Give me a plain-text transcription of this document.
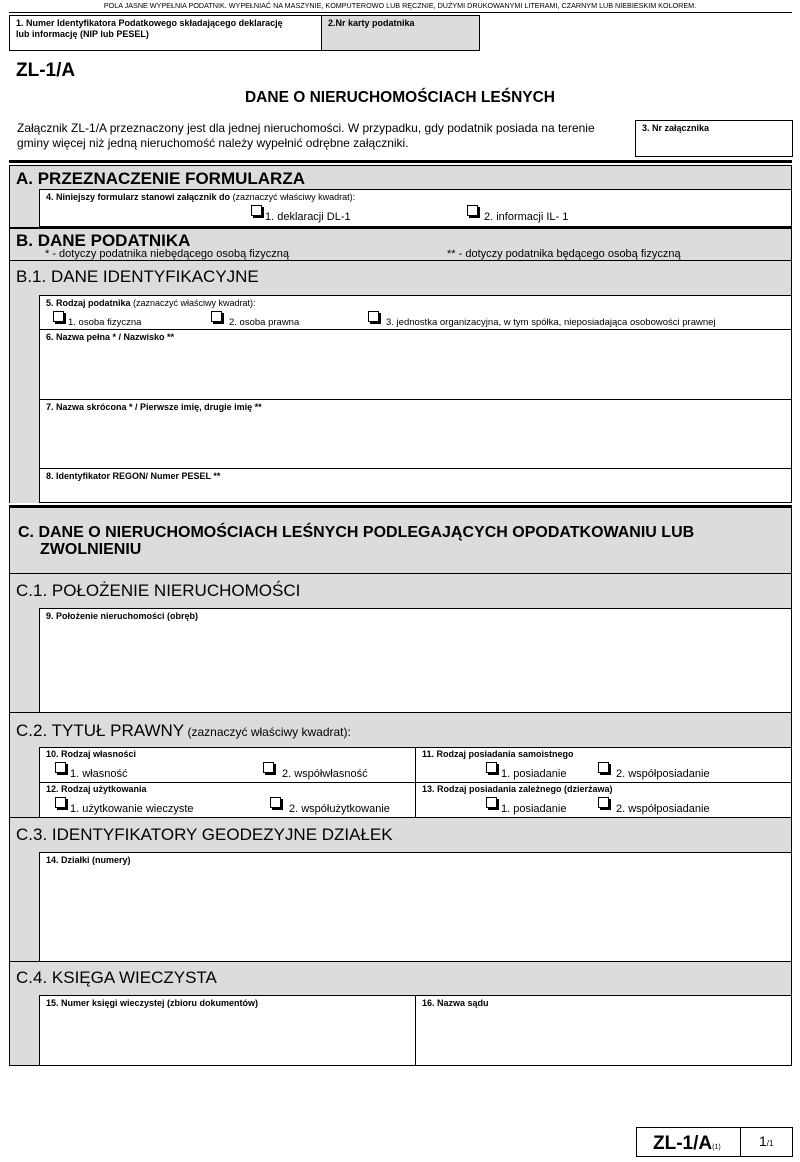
POLA JASNE WYPEŁNIA PODATNIK. WYPEŁNIAĆ NA MASZYNIE, KOMPUTEROWO LUB RĘCZNIE, DUŻYMI DRUKOWANYMI LITERAMI, CZARNYM LUB NIEBIESKIM KOLOREM.
1. Numer Identyfikatora Podatkowego składającego deklarację lub informację (NIP lub PESEL)
2.Nr karty podatnika
ZL-1/A
DANE O NIERUCHOMOŚCIACH LEŚNYCH
Załącznik ZL-1/A przeznaczony jest dla jednej nieruchomości. W przypadku, gdy podatnik posiada na terenie gminy więcej niż jedną nieruchomość należy wypełnić odrębne załączniki.
3. Nr załącznika
A. PRZEZNACZENIE FORMULARZA
4. Niniejszy formularz stanowi załącznik do (zaznaczyć właściwy kwadrat):
1. deklaracji DL-1	2. informacji IL- 1
B. DANE PODATNIKA
* - dotyczy podatnika niebędącego osobą fizyczną	** - dotyczy podatnika będącego osobą fizyczną
B.1. DANE IDENTYFIKACYJNE
5. Rodzaj podatnika (zaznaczyć właściwy kwadrat):
1. osoba fizyczna	2. osoba prawna	3. jednostka organizacyjna, w tym spółka, nieposiadająca osobowości prawnej
6. Nazwa pełna * / Nazwisko **
7. Nazwa skrócona * / Pierwsze imię, drugie imię **
8. Identyfikator REGON/ Numer PESEL **
C. DANE O NIERUCHOMOŚCIACH LEŚNYCH PODLEGAJĄCYCH OPODATKOWANIU LUB
ZWOLNIENIU
C.1. POŁOŻENIE NIERUCHOMOŚCI
9. Położenie nieruchomości (obręb)
C.2. TYTUŁ PRAWNY (zaznaczyć właściwy kwadrat):
10. Rodzaj własności
1. własność	2. współwłasność
11. Rodzaj posiadania samoistnego
1. posiadanie	2. współposiadanie
12. Rodzaj użytkowania
1. użytkowanie wieczyste	2. współużytkowanie
13. Rodzaj posiadania zależnego (dzierżawa)
1. posiadanie	2. współposiadanie
C.3. IDENTYFIKATORY GEODEZYJNE DZIAŁEK
14. Działki (numery)
C.4. KSIĘGA WIECZYSTA
15. Numer księgi wieczystej (zbioru dokumentów)	16. Nazwa sądu
ZL-1/A(1)	1/1
